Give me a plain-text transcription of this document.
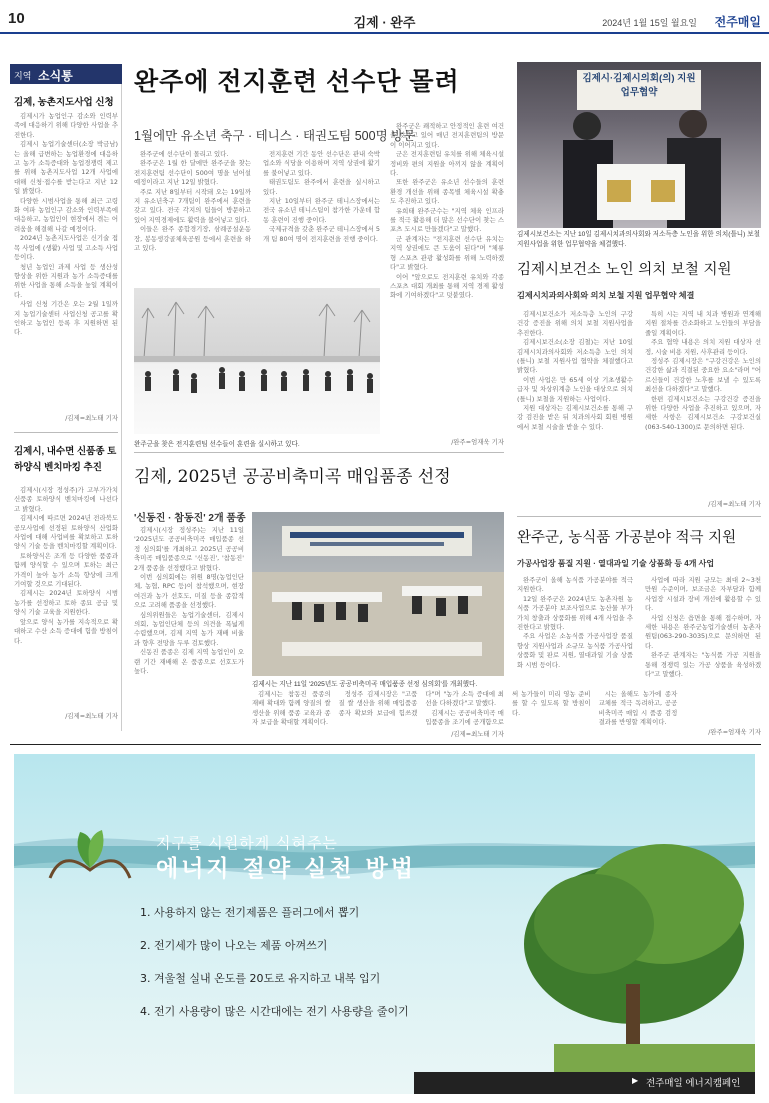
10	김제 · 완주	2024년 1월 15일 월요일 전주매일
지역 소식통
김제, 농촌지도사업 신청

김제시가 농업인구 감소와 인력부족에 대응하기 위해 다양한 사업을 추진한다.

김제시 농업기술센터(소장 박금남)는 올해 급변하는 농업환경에 대응하고 농가 소득증대와 농업경쟁력 제고를 위해 농촌지도사업 12개 사업에 대해 신청·접수를 받는다고 지난 12일 밝혔다.

다양한 시범사업을 통해 최근 고령화 여파 농업인구 감소와 인력부족에 대응하고, 농업인이 현장에서 겪는 어려움을 해결해 나갈 예정이다.

2024년 농촌지도사업은 신기술 접목 사업에 (생활) 사업 및 고소득 사업 등이다.

청년 농업인 과제 사업 등 생산성 향상을 위한 지원과 농가 소득증대를 위한 사업을 통해 소득을 높일 계획이다.

사업 신청 기간은 오는 2월 1일까지 농업기술센터 사업신청 공고를 확인하고 농업인 등록 후 지원하면 된다.

/김제=최노태 기자

김제시, 내수면 신품종 토하양식 벤치마킹 추진

김제시(시장 정성주)가 고부가가치 신품종 토하양식 벤치마킹에 나선다고 밝혔다.

김제시에 따르면 2024년 전라북도 공모사업에 선정된 토하양식 산업화 사업에 대해 사업비를 확보하고 토하양식 기술 등을 벤치마킹할 계획이다.

토하양식은 조개 등 다양한 품종과 함께 양식할 수 있으며 토하는 최근 가격이 높아 농가 소득 향상에 크게 기여할 것으로 기대된다.

김제시는 2024년 토하양식 시범 농가를 선정하고 토하 종묘 공급 및 양식 기술 교육을 지원한다.

앞으로 양식 농가를 지속적으로 확대하고 수산 소득 증대에 힘쓸 방침이다.

/김제=최노태 기자

완주에 전지훈련 선수단 몰려
1월에만 유소년 축구 · 테니스 · 태권도팀 500명 방문

완주군에 선수단이 몰리고 있다.

완주군은 1월 한 달에만 완주군을 찾는 전지훈련팀 선수단이 500여 명을 넘어설 예정이라고 지난 12일 밝혔다.

주로 지난 8일부터 시작돼 오는 19일까지 유소년축구 7개팀이 완주에서 훈련을 갖고 있다. 전국 각지의 팀들이 방문하고 있어 지역경제에도 활력을 불어넣고 있다.

이들은 완주 종합경기장, 삼례공설운동장, 봉동생강골체육공원 등에서 훈련을 하고 있다.

전지훈련 기간 동안 선수단은 관내 숙박업소와 식당을 이용하며 지역 상권에 활기를 불어넣고 있다.

태권도팀도 완주에서 훈련을 실시하고 있다.

지난 10일부터 완주군 테니스장에서는 전국 유소년 테니스팀이 참가한 가운데 합동 훈련이 진행 중이다.

국제규격을 갖춘 완주군 테니스장에서 5개 팀 80여 명이 전지훈련을 진행 중이다.

완주군은 쾌적하고 안정적인 훈련 여건을 갖추고 있어 매년 전지훈련팀의 방문이 이어지고 있다.

군은 전지훈련팀 유치를 위해 체육시설 정비와 편의 지원을 아끼지 않을 계획이다.

또한 완주군은 유소년 선수들의 훈련 환경 개선을 위해 종목별 체육시설 확충도 추진하고 있다.

유희태 완주군수는 "지역 체육 인프라를 적극 활용해 더 많은 선수단이 찾는 스포츠 도시로 만들겠다"고 말했다.

군 관계자는 "전지훈련 선수단 유치는 지역 상권에도 큰 도움이 된다"며 "체류형 스포츠 관광 활성화를 위해 노력하겠다"고 밝혔다.

이어 "앞으로도 전지훈련 유치와 각종 스포츠 대회 개최를 통해 지역 경제 활성화에 기여하겠다"고 덧붙였다.

/완주=엄재욱 기자

완주군을 찾은 전지훈련팀 선수들이 훈련을 실시하고 있다.
김제, 2025년 공공비축미곡 매입품종 선정
'신동진 · 참동진' 2개 품종

김제시(시장 정성주)는 지난 11일 '2025년도 공공비축미곡 매입품종 선정 심의회'를 개최하고 2025년 공공비축미곡 매입품종으로 '신동진', '참동진' 2개 품종을 선정했다고 밝혔다.

이번 심의회에는 위원 8명(농업인단체, 농협, RPC 등)이 참석했으며, 현장 여건과 농가 선호도, 미질 등을 종합적으로 고려해 품종을 선정했다.

심의위원들은 농업기술센터, 김제시의회, 농업인단체 등의 의견을 폭넓게 수렴했으며, 김제 지역 농가 재배 비율과 향후 전망을 두루 검토했다.

신동진 품종은 김제 지역 농업인이 오랜 기간 재배해 온 품종으로 선호도가 높다.

김제시는 지난 11일 '2025년도 공공비축미곡 매입품종 선정 심의회'를 개최했다.

김제시는 참동진 품종의 재배 확대와 함께 양질의 쌀 생산을 위해 품종 교육과 종자 보급을 확대할 계획이다.

정성주 김제시장은 "고품질 쌀 생산을 위해 매입품종 종자 확보와 보급에 힘쓰겠다"며 "농가 소득 증대에 최선을 다하겠다"고 말했다.

김제시는 공공비축미곡 매입품종을 조기에 공개함으로써 농가들이 미리 영농 준비를 할 수 있도록 할 방침이다.

시는 올해도 농가에 종자 교체를 적극 독려하고, 공공비축미곡 매입 시 품종 검정 결과를 반영할 계획이다.

/김제=최노태 기자

김제시·김제시의회(의) 지원 업무협약
김제시보건소는 지난 10일 김제시치과의사회와 저소득층 노인을 위한 의치(틀니) 보철 지원사업을 위한 업무협약을 체결했다.
김제시보건소 노인 의치 보철 지원
김제시치과의사회와 의치 보철 지원 업무협약 체결

김제시보건소가 저소득층 노인의 구강 건강 증진을 위해 의치 보철 지원사업을 추진한다.

김제시보건소(소장 김철)는 지난 10일 김제시치과의사회와 저소득층 노인 의치(틀니) 보철 지원사업 협약을 체결했다고 밝혔다.

이번 사업은 만 65세 이상 기초생활수급자 및 차상위계층 노인을 대상으로 의치(틀니) 보철을 지원하는 사업이다.

지원 대상자는 김제시보건소를 통해 구강 검진을 받은 뒤 치과의사회 회원 병원에서 보철 시술을 받을 수 있다.

특히 시는 지역 내 치과 병원과 연계해 지원 절차를 간소화하고 노인들의 부담을 줄일 계획이다.

주요 협약 내용은 의치 지원 대상자 선정, 시술 비용 지원, 사후관리 등이다.

정성주 김제시장은 "구강건강은 노인의 건강한 삶과 직결된 중요한 요소"라며 "어르신들이 건강한 노후를 보낼 수 있도록 최선을 다하겠다"고 말했다.

한편 김제시보건소는 구강건강 증진을 위한 다양한 사업을 추진하고 있으며, 자세한 사항은 김제시보건소 구강보건실(063-540-1300)로 문의하면 된다.

/김제=최노태 기자

완주군, 농식품 가공분야 적극 지원
가공사업장 품질 지원 · 열대과일 기술 상품화 등 4개 사업

완주군이 올해 농식품 가공분야를 적극 지원한다.

12일 완주군은 2024년도 농촌자원 농식품 가공분야 보조사업으로 농산물 부가가치 창출과 상품화를 위해 4개 사업을 추진한다고 밝혔다.

주요 사업은 소농식품 가공사업장 품질 향상 지원사업과 소규모 농식품 가공사업 상품화 및 판로 지원, 열대과일 기술 상품화 시범 등이다.

사업에 따라 지원 규모는 최대 2~3천만원 수준이며, 보조금은 자부담과 함께 사업장 시설과 장비 개선에 활용할 수 있다.

사업 신청은 읍면을 통해 접수하며, 자세한 내용은 완주군농업기술센터 농촌자원팀(063-290-3035)으로 문의하면 된다.

완주군 관계자는 "농식품 가공 지원을 통해 경쟁력 있는 가공 상품을 육성하겠다"고 말했다.

/완주=엄재욱 기자

지구를 시원하게 식혀주는
에너지 절약 실천 방법
1. 사용하지 않는 전기제품은 플러그에서 뽑기
2. 전기세가 많이 나오는 제품 아껴쓰기
3. 겨울철 실내 온도를 20도로 유지하고 내복 입기
4. 전기 사용량이 많은 시간대에는 전기 사용량을 줄이기
▶ 전주매일 에너지캠페인
